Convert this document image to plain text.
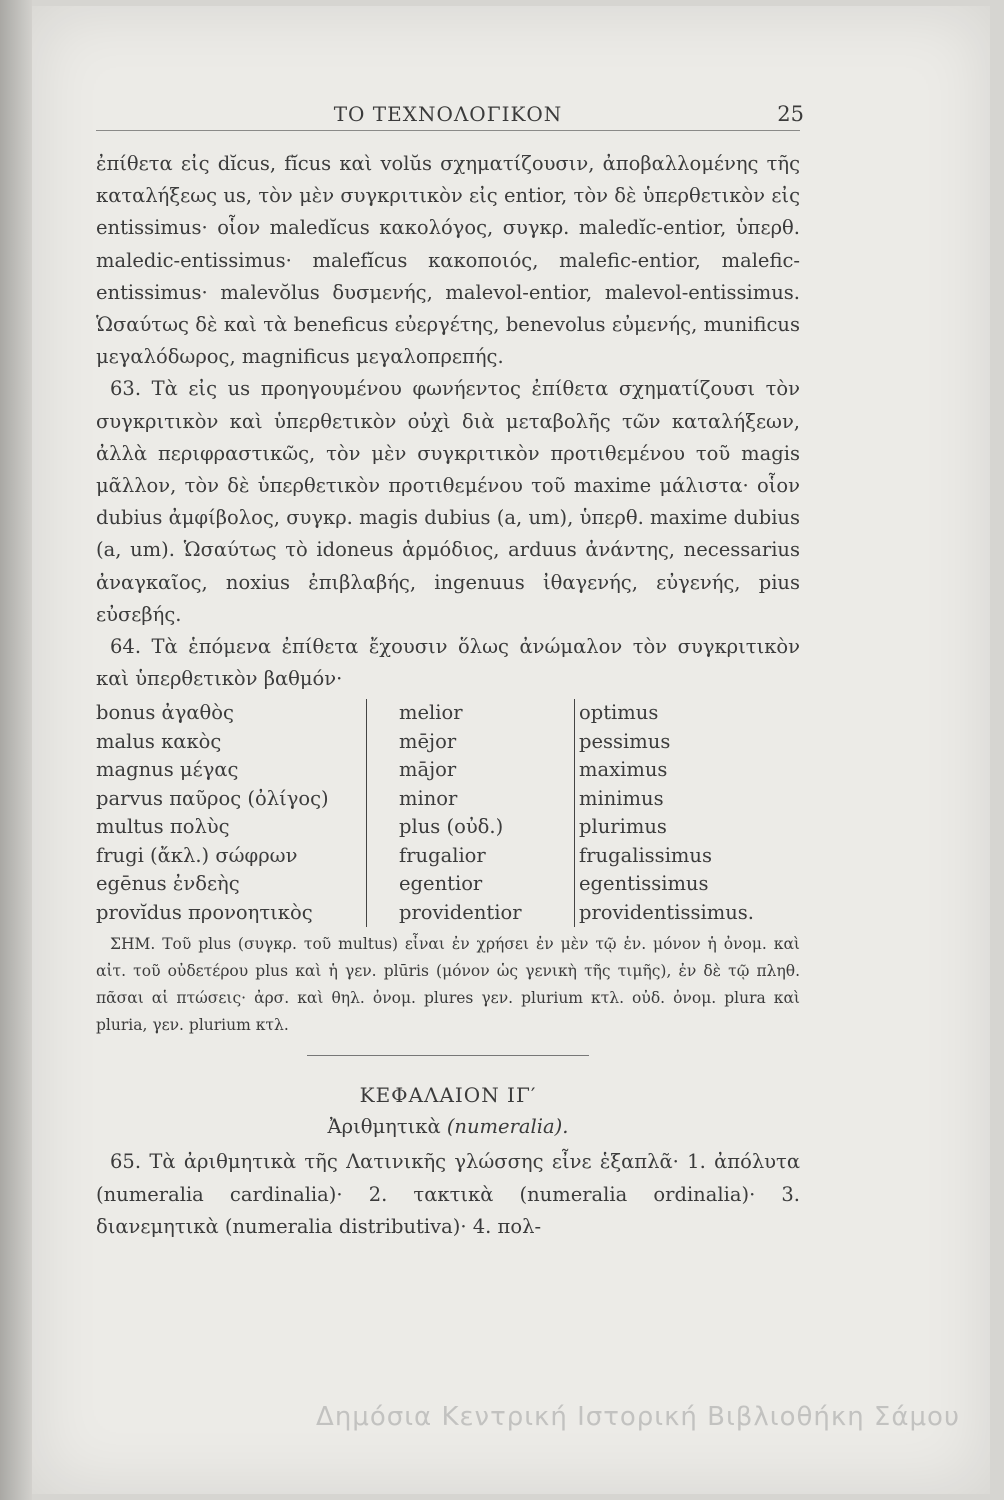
ΤΟ ΤΕΧΝΟΛΟΓΙΚΟΝ	25

ἐπίθετα εἰς dĭcus, fĭcus καὶ volŭs σχηματίζουσιν, ἀποβαλλομένης τῆς καταλήξεως us, τὸν μὲν συγκριτικὸν εἰς entior, τὸν δὲ ὑπερθετικὸν εἰς entissimus· οἷον maledĭcus κακολόγος, συγκρ. maledĭc-entior, ὑπερθ. maledic-entissimus· malefĭcus κακοποιός, malefic-entior, malefic-entissimus· malevŏlus δυσμενής, malevol-entior, malevol-entissimus. Ὡσαύτως δὲ καὶ τὰ beneficus εὐεργέτης, benevolus εὐμενής, munificus μεγαλόδωρος, magnificus μεγαλοπρεπής.

63. Τὰ εἰς us προηγουμένου φωνήεντος ἐπίθετα σχηματίζουσι τὸν συγκριτικὸν καὶ ὑπερθετικὸν οὐχὶ διὰ μεταβολῆς τῶν καταλήξεων, ἀλλὰ περιφραστικῶς, τὸν μὲν συγκριτικὸν προτιθεμένου τοῦ magis μᾶλλον, τὸν δὲ ὑπερθετικὸν προτιθεμένου τοῦ maxime μάλιστα· οἷον dubius ἀμφίβολος, συγκρ. magis dubius (a, um), ὑπερθ. maxime dubius (a, um). Ὡσαύτως τὸ idoneus ἁρμόδιος, arduus ἀνάντης, necessarius ἀναγκαῖος, noxius ἐπιβλαβής, ingenuus ἰθαγενής, εὐγενής, pius εὐσεβής.

64. Τὰ ἑπόμενα ἐπίθετα ἔχουσιν ὅλως ἀνώμαλον τὸν συγκριτικὸν καὶ ὑπερθετικὸν βαθμόν·

bonus ἀγαθὸς
malus κακὸς
magnus μέγας
parvus παῦρος (ὀλίγος)
multus πολὺς
frugi (ἄκλ.) σώφρων
egēnus ἐνδεὴς
provĭdus προνοητικὸς
melior
mējor
mājor
minor
plus (οὐδ.)
frugalior
egentior
providentior
optimus
pessimus
maximus
minimus
plurimus
frugalissimus
egentissimus
providentissimus.

ΣΗΜ. Τοῦ plus (συγκρ. τοῦ multus) εἶναι ἐν χρήσει ἐν μὲν τῷ ἑν. μόνον ἡ ὀνομ. καὶ αἰτ. τοῦ οὐδετέρου plus καὶ ἡ γεν. plūris (μόνον ὡς γενικὴ τῆς τιμῆς), ἐν δὲ τῷ πληθ. πᾶσαι αἱ πτώσεις· ἀρσ. καὶ θηλ. ὀνομ. plures γεν. plurium κτλ. οὐδ. ὀνομ. plura καὶ pluria, γεν. plurium κτλ.

ΚΕΦΑΛΑΙΟΝ ΙΓ′
Ἀριθμητικὰ (numeralia).

65. Τὰ ἀριθμητικὰ τῆς Λατινικῆς γλώσσης εἶνε ἑξαπλᾶ· 1. ἀπόλυτα (numeralia cardinalia)· 2. τακτικὰ (numeralia ordinalia)· 3. διανεμητικὰ (numeralia distributiva)· 4. πολ-

Δημόσια Κεντρική Ιστορική Βιβλιοθήκη Σάμου
